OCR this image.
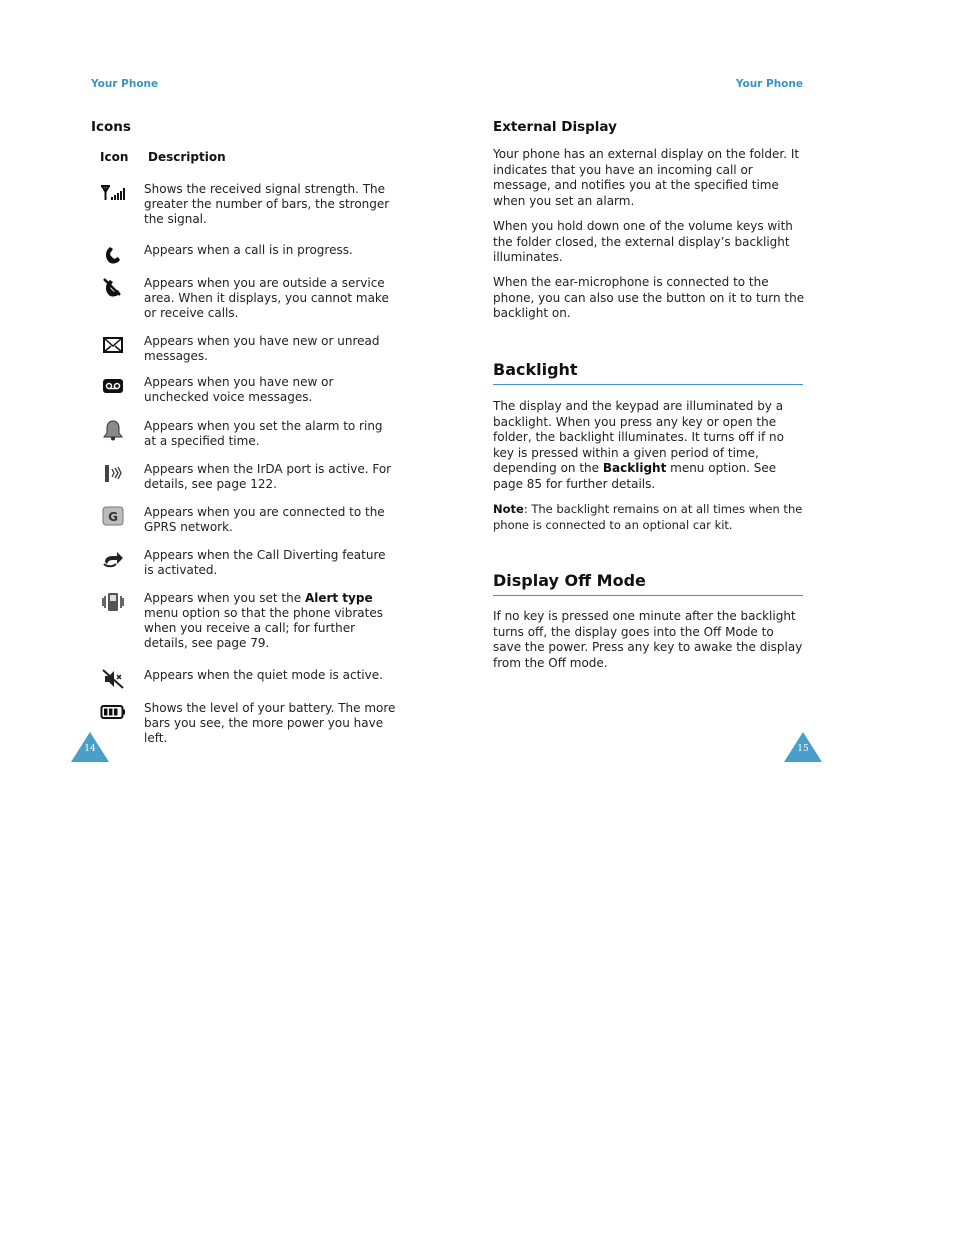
Your Phone
Icons
Icon Description
Shows the received signal strength. The greater the number of bars, the stronger the signal.
Appears when a call is in progress.
Appears when you are outside a service area. When it displays, you cannot make or receive calls.
Appears when you have new or unread messages.
Appears when you have new or unchecked voice messages.
Appears when you set the alarm to ring at a specified time.
Appears when the IrDA port is active. For details, see page 122.
G Appears when you are connected to the GPRS network.
Appears when the Call Diverting feature is activated.
Appears when you set the Alert type menu option so that the phone vibrates when you receive a call; for further details, see page 79.
Appears when the quiet mode is active.
Shows the level of your battery. The more bars you see, the more power you have left.
14
Your Phone
External Display
Your phone has an external display on the folder. It indicates that you have an incoming call or message, and notifies you at the specified time when you set an alarm.
When you hold down one of the volume keys with the folder closed, the external display’s backlight illuminates.
When the ear-microphone is connected to the phone, you can also use the button on it to turn the backlight on.
Backlight
The display and the keypad are illuminated by a backlight. When you press any key or open the folder, the backlight illuminates. It turns off if no key is pressed within a given period of time, depending on the Backlight menu option. See page 85 for further details.
Note: The backlight remains on at all times when the phone is connected to an optional car kit.
Display Off Mode
If no key is pressed one minute after the backlight turns off, the display goes into the Off Mode to save the power. Press any key to awake the display from the Off mode.
15
